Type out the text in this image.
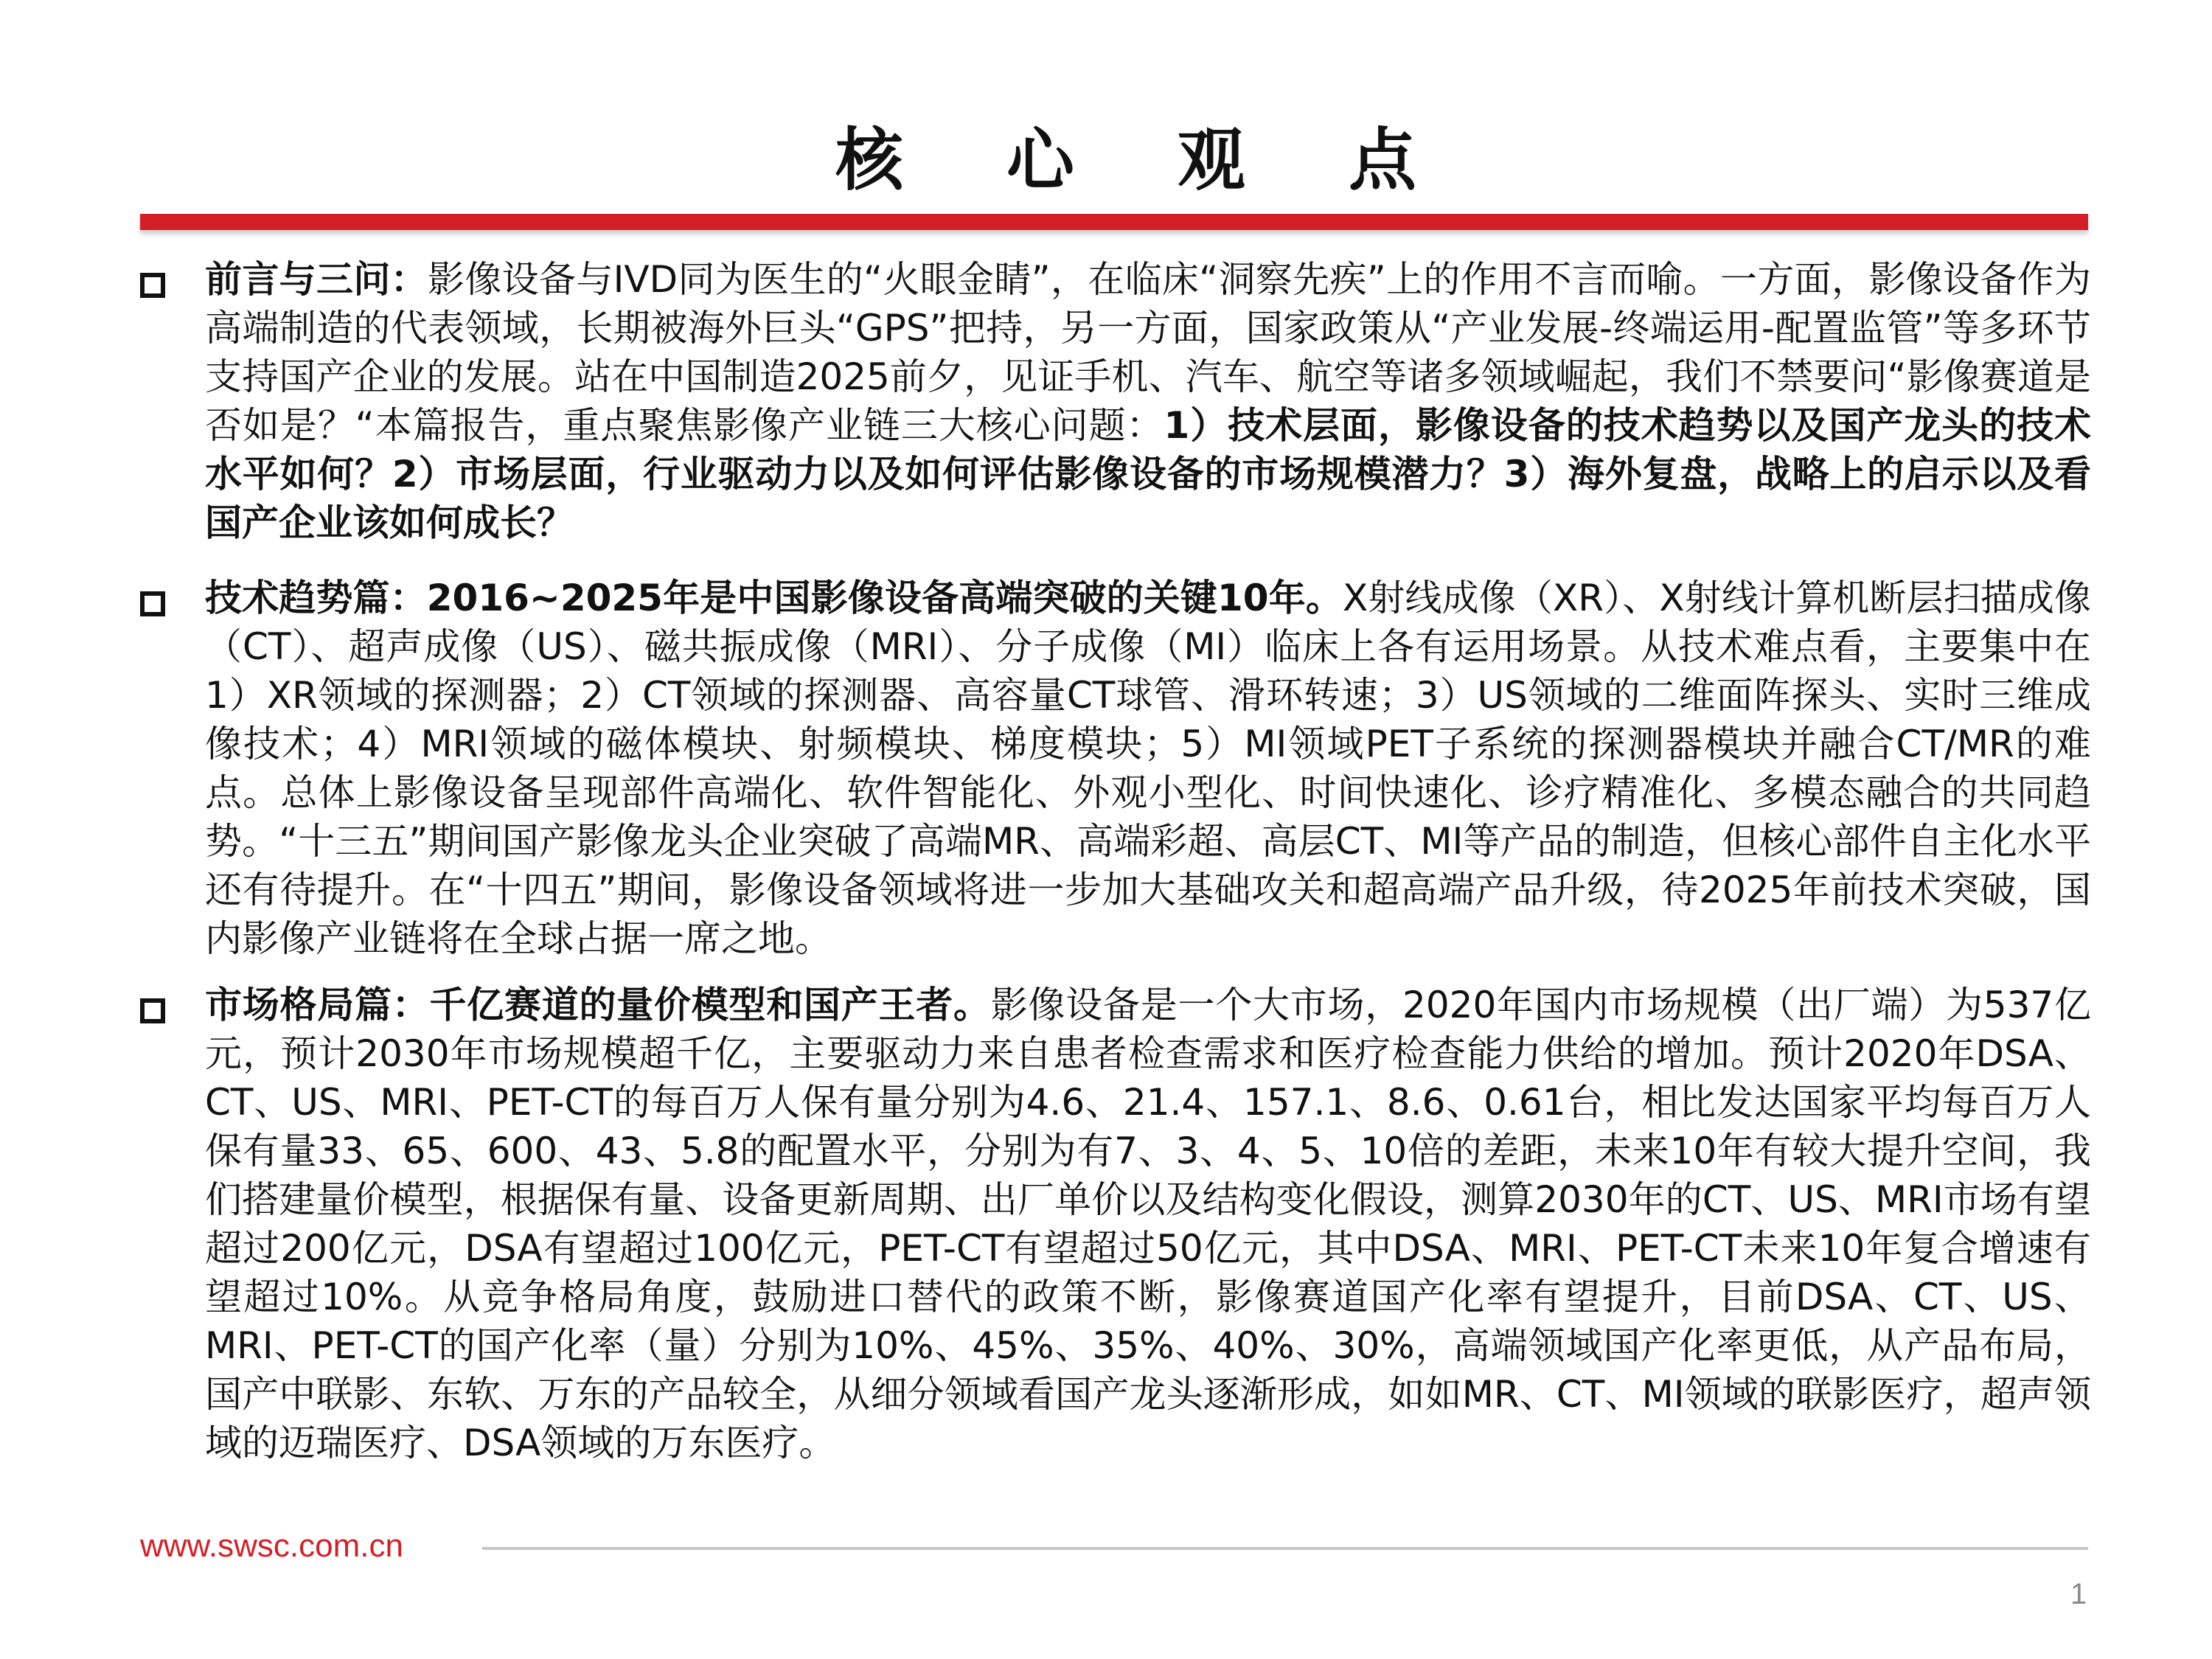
核 心 观 点
前言与三问：影像设备与IVD同为医生的“火眼金睛”，在临床“洞察先疾”上的作用不言而喻。一方面，影像设备作为高端制造的代表领域，长期被海外巨头“GPS”把持，另一方面，国家政策从“产业发展-终端运用-配置监管”等多环节支持国产企业的发展。站在中国制造2025前夕，见证手机、汽车、航空等诸多领域崛起，我们不禁要问“影像赛道是否如是？“本篇报告，重点聚焦影像产业链三大核心问题：1）技术层面，影像设备的技术趋势以及国产龙头的技术水平如何？2）市场层面，行业驱动力以及如何评估影像设备的市场规模潜力？3）海外复盘，战略上的启示以及看国产企业该如何成长？
技术趋势篇：2016~2025年是中国影像设备高端突破的关键10年。X射线成像（XR）、X射线计算机断层扫描成像（CT）、超声成像（US）、磁共振成像（MRI）、分子成像（MI）临床上各有运用场景。从技术难点看，主要集中在1）XR领域的探测器；2）CT领域的探测器、高容量CT球管、滑环转速；3）US领域的二维面阵探头、实时三维成像技术；4）MRI领域的磁体模块、射频模块、梯度模块；5）MI领域PET子系统的探测器模块并融合CT/MR的难点。总体上影像设备呈现部件高端化、软件智能化、外观小型化、时间快速化、诊疗精准化、多模态融合的共同趋势。“十三五”期间国产影像龙头企业突破了高端MR、高端彩超、高层CT、MI等产品的制造，但核心部件自主化水平还有待提升。在“十四五”期间，影像设备领域将进一步加大基础攻关和超高端产品升级，待2025年前技术突破，国内影像产业链将在全球占据一席之地。
市场格局篇：千亿赛道的量价模型和国产王者。影像设备是一个大市场，2020年国内市场规模（出厂端）为537亿元，预计2030年市场规模超千亿，主要驱动力来自患者检查需求和医疗检查能力供给的增加。预计2020年DSA、CT、US、MRI、PET-CT的每百万人保有量分别为4.6、21.4、157.1、8.6、0.61台，相比发达国家平均每百万人保有量33、65、600、43、5.8的配置水平，分别为有7、3、4、5、10倍的差距，未来10年有较大提升空间，我们搭建量价模型，根据保有量、设备更新周期、出厂单价以及结构变化假设，测算2030年的CT、US、MRI市场有望超过200亿元，DSA有望超过100亿元，PET-CT有望超过50亿元，其中DSA、MRI、PET-CT未来10年复合增速有望超过10%。从竞争格局角度，鼓励进口替代的政策不断，影像赛道国产化率有望提升，目前DSA、CT、US、MRI、PET-CT的国产化率（量）分别为10%、45%、35%、40%、30%，高端领域国产化率更低，从产品布局，国产中联影、东软、万东的产品较全，从细分领域看国产龙头逐渐形成，如如MR、CT、MI领域的联影医疗，超声领域的迈瑞医疗、DSA领域的万东医疗。
www.swsc.com.cn
1
